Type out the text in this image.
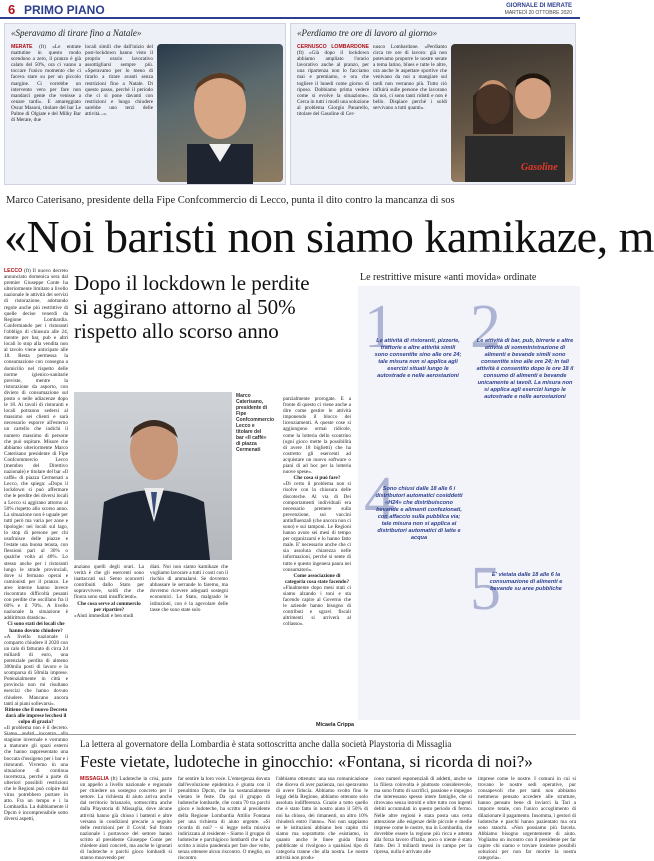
6 PRIMO PIANO	GIORNALE DI MERATE
MARTEDÌ 20 OTTOBRE 2020
«Speravamo di tirare fino a Natale»
MERATE (ft) «Le entrate mattutine in questo modo scendono a zero, il pranzo è già calato del 50%, ora ci vanno a toccare l'unico momento che ci faceva stare su per un piccolo margine. Ci vorrebbe un intervento vero per fare non mandarci gente che venisse a cenare tardi». E amareggiato Oscar Masoni, titolare del bar Le Palme di Olgiate e del Milky Bar di Merate, due
locali simili che dall'inizio del post-lockdown hanno visto il proprio orario lavorativo assottigliarsi sempre più. «Speravamo per lo meno di tirarlo a tirare avanti senza restrizioni fino a Natale. Di questo passo, perché il periodo che ci si pone davanti con restrizioni e lungo chiudere sarebbe uno terzi delle attività...».
«Perdiamo tre ore di lavoro al giorno»
CERNUSCO LOMBARDONE (ft) «Già dopo il lockdown abbiamo ampliato l'orario lavorativo anche al pranzo, per una ripartenza non lo facciamo mai e premiamo, e ora che togliere il lunedì come giorno di riposo. Dobbiamo prima vedere come si evolve la situazione». Cerca in tutti i modi una soluzione al problema Giorgio Panarello, titolare del Gasoline di Cer-
nusco Lombardone. «Perdiamo circa tre ore di lavoro: già non potevamo proporre le nostre serate a tema latino, blues e tutte le altre, ora anche le aspettare sportive che venivano da noi a mangiare sul tardi non verranno più. Tutto ciò influirà sulle persone che lavorano da noi, ci sono tanti ridotti e non è bello. Dispiace perché i soldi servivano a tutti quanti».
Gasoline
Marco Caterisano, presidente della Fipe Confcommercio di Lecco, punta il dito contro la mancanza di sos
«Noi baristi non siamo kamikaze, m
LECCO (ft) Il nuovo decreto annunciato domenica sera dal premier Giuseppe Conte ha ulteriormente limitato a livello nazionale le attività dei servizi di ristorazione, adottando regole anche più restrittive di quelle decise venerdì da Regione Lombardia. Confermando per i ristoranti l'obbligo di chiusura alle 24, mentre per bar, pub e altri locali lo stop alla vendita non al tavolo viene anticipato alle 18. Resta permessa la consumazione con consegna a domicilio nel rispetto delle norme igienico-sanitarie previste, mentre la ristorazione da asporto, con divieto di consumazione sul posto o nelle adiacenze dopo le 18. Ai tavoli di ristoranti e locali potranno sedersi al massimo sei clienti e sarà necessario esporre all'esterno un cartello che indichi il numero massimo di persone che può ospitare. Misure che abbiamo ulteriormente Marco Caterisano presidente di Fipe Confcommercio Lecco (membro del Direttivo nazionale) e titolare del bar «Il caffè» di piazza Cermenati a Lecco, che spiega: «Dopo il lockdown si può affermare che le perdite dei diversi locali a Lecco si aggirano attorno al 50% rispetto allo scorso anno. La situazione non è uguale per tutti però ma varia per zone e tipologie: nei locali sul lago, lo stop di persone per chi usufruisce delle piazze e l'estate una buona tenuta, con flessioni pari al 30% o qualche volta al 40%. Lo stesso anche per i ristoranti lungo le strade provinciali, dove si fermano operai e camionisti per il pranzo. Le aree interne hanno invece riscontrato difficoltà pesanti con perdite che oscillano fra il 60% e il 70%. A livello nazionale la situazione è addirittura drastica».

Ci sono stati dei locali che hanno dovuto chiudere?
«A livello nazionale il comparto chiudere il 2020 con un calo di fatturato di circa 24 miliardi di euro, una potenziale perdita di almeno 300mila posti di lavoro e la scomparsa di 50mila imprese. Potenzialmente in città e provincia non mi risultano esercizi che hanno dovuto chiudere. Mancano ancora tanti ai piani sollevarsi».

Ritiene che il nuovo Decreto darà alle imprese lecchesi il colpo di grazia?
«Il problema non è il decreto. stagione invernale e vorranno a maturare gli spazi esterni che hanno rappresentato una boccata d'ossigeno per i bar e i ristoranti. Vivremo in una situazione di continua incertezza, perché a parte di ulteriori possibili restrizioni che le Regioni può colpire dal virus potrebbero portare in atto. Fra un tempo e i la Lombardia. La dubbiamente il Dpcm è incomprensibile sotto diversi aspetti,
Dopo il lockdown le perdite
si aggirano attorno al 50%
rispetto allo scorso anno
Marco Caterisano, presidente di Fipe Confcommercio Lecco e titolare del bar «Il caffè» di piazza Cermenati
anziano quelli degli orari. La verità è che gli esercenti sono inattaccati sul. Sento sconcerti contribuiti dallo Stato per sopravvivere, soldi che che finora sono stati insufficienti».

Che cosa serve al commercio per ripartire?
«Aiuti immediati e ben studi
diati. Noi non siamo kamikaze che vogliamo lavorare a tutti i costi con il rischio di ammalarsi. Se dovremo abbassare le serrande lo faremo, ma dovremo ricevere adeguati sostegni economici. Lo Stato, malgrado le istituzioni, con è la agevolare delle tasse che sono state solo
parzialmente prorogate. E a fronte di questo ci viene anche a dire come gestire le attività imponendo il blocco dei licenziamenti. A queste cose si aggiungono ormai ridicole, come la lotteria dello scontrino (ogni gioco mette la possibilità di avere 18 biglietti) che ha costretto gli esercenti ad acquistare un nuovo software o piani di ad hoc per la lotteria nuove spese».

Che cosa si può fare?
«Di certo il problema non si risolve con la chiusura delle discoteche. Al via di Dei comportamenti individuali era necessario premere sulla prevenzione, sui vaccini antinfluenzali (che ancora non ci sono) e sui tamponi. Le Regioni hanno avuto sei mesi di tempo per organizzarsi e lo hanno fatto male. E' necessario anche che ci sia assoluta chiarezza nelle informazioni, perché si sente di tutto e questo ingenera paura nei consumatori».

Come associazione di categoria cosa state facendo?
«Finalmente dopo mesi stati ci siamo alzando i toni e sta facendo capire al Governo che le aziende hanno bisogno di contributi e sgravi fiscali altrimenti si arriverà al collasso».
Micaela Crippa
Le restrittive misure «anti movida» ordinate
1
Le attività di ristoranti, pizzerie, trattorie e altre attività simili sono consentite sino alle ore 24; tale misura non si applica agli esercizi situati lungo le autostrade e nelle aerostazioni
2
Le attività di bar, pub, birrerie e altre attività di somministrazione di alimenti e bevande simili sono consentite sino alle ore 24; in tali attività è consentito dopo le ore 18 il consumo di alimenti e bevande unicamente ai tavoli. La misura non si applica agli esercizi lungo le autostrade e nelle aerostazioni
4
Sono chiusi dalle 18 alle 6 i distributori automatici cosiddetti «H24» che distribuiscono bevande e alimenti confezionati, con affaccio sulla pubblica via; tale misura non si applica ai distributori automatici di latte e acqua
5
E' vietata dalle 18 alle 6 la consumazione di alimenti e bevande su aree pubbliche
La lettera al governatore della Lombardia è stata sottoscritta anche dalla società Playstoria di Missaglia
Feste vietate, ludoteche in ginocchio: «Fontana, si ricorda di noi?»
MISSAGLIA (ft) Ludoteche in crisi, parte un appello a livello nazionale e regionale per chiedere un sostegno concreto per il settore. La richiesta di aiuto arriva anche dal territorio brianzolo, sottoscritta anche dalla Playstoria di Missaglia, dove alcune attività hanno già chiuso i battenti e altre versano in condizioni precarie a seguito delle restrizioni per il Covid. Sul fronte nazionale i portavoce del settore hanno scritto al presidente Giuseppe Conte per chiedere aiuti concreti, ma anche le ignotati di ludoteche e parchi gioco lombardi si stanno muovendo per
far sentire la loro voce. L'emergenza dovuta dall'evoluzione epidemica è giunta con il penultimo Dpcm, che ha sostanzialmente vietato le feste. Da qui il gruppo di ludoteche lombarde, che conta 70 tra parchi gioco e ludoteche, ha scritto al presidente della Regione Lombardia Attilio Fontana per una richiesta di aiuto urgente. «Si ricorda di noi? - si legge nella missiva indirizzata al residente - Siamo il gruppo di ludoteche e parchigioco lombardi che si ha scritto a inizio pandemia per fare due volte, senza ottenere alcun riscontro. O meglio, un riscontro
l'abbiamo ottenuto: una sua comunicazione che diceva di aver pazienza, noi speravamo di avere fiducia. Abbiamo svolto fino le leggi della Regione, abbiamo ottenuto solo assoluta indifferenza. Grazie a tutto quello che è stato fatto in nostro aiuto il 50% di noi ha chiuso, dei rimanenti, un altro 10% chiuderà entro l'anno». Noi non sappiamo se le istituzioni abbiano ben capito chi siamo ma soprattutto che esistiamo, in quanto anche le linee guida finora pubblicate si rivolgono a qualsiasi tipo di categoria tranne che alla nostra. Le nostre attività non produ-
cono numeri esponenziali di addetti, anche se la filiera coinvolta è piuttosto considerevole, ma sono frutto di sacrifici, passione e impegno che interessano spesso intere famiglie, che si ritrovano senza introiti e oltre tutto con ingenti debiti accumulati in questo periodo di fermo. Nelle altre regioni è stata posta una certa attenzione alle esigenze delle piccole e medie imprese come le nostre, ma in Lombardia, che dovrebbe essere la regione più ricca e attenta alla forza lavoro d'Italia, poco o niente è stato fatto. Dei 3 miliardi messi in campo per la ripresa, nulla è arrivato alle
imprese come le nostre. I comuni in cui si trovano le nostre sedi operative, pur consapevoli che per tanti non abbiamo nemmeno pensato accedere alle strutture, hanno pensato bene di inviarci la Tari a imporre totale, con l'unico accoglimento di dilazionare il pagamento. Insomma, i gestori di ludoteche e parchi hanno pazientato ma ora sono stanchi. «Non possiamo più farcela. Abbiamo bisogno urgentemente di aiuto. Vogliamo un incontro con il presidente per far capire chi siamo e trovare insieme possibili soluzioni per non far morire la nostra categoria».
